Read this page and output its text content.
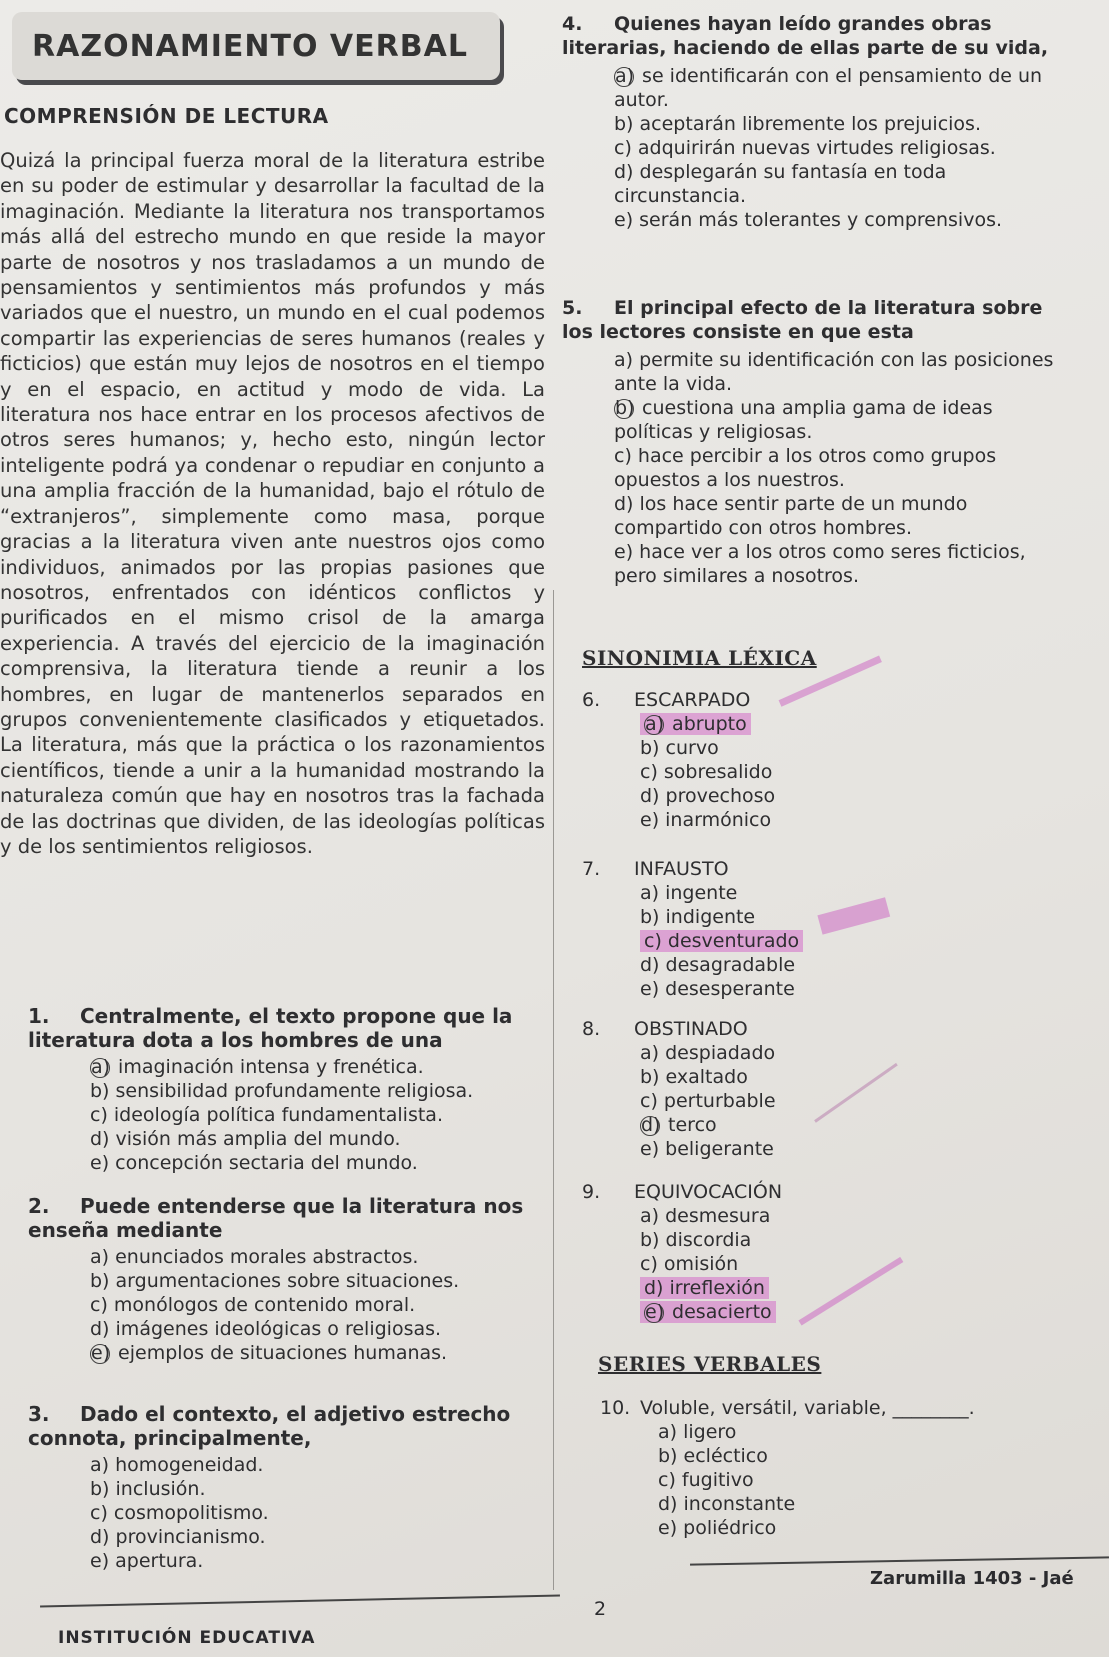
RAZONAMIENTO VERBAL
COMPRENSIÓN DE LECTURA

Quizá la principal fuerza moral de la literatura estribe en su poder de estimular y desarrollar la facultad de la imaginación. Mediante la literatura nos transportamos más allá del estrecho mundo en que reside la mayor parte de nosotros y nos trasladamos a un mundo de pensamientos y sentimientos más profundos y más variados que el nuestro, un mundo en el cual podemos compartir las experiencias de seres humanos (reales y ficticios) que están muy lejos de nosotros en el tiempo y en el espacio, en actitud y modo de vida. La literatura nos hace entrar en los procesos afectivos de otros seres humanos; y, hecho esto, ningún lector inteligente podrá ya condenar o repudiar en conjunto a una amplia fracción de la humanidad, bajo el rótulo de “extranjeros”, simplemente como masa, porque gracias a la literatura viven ante nuestros ojos como individuos, animados por las propias pasiones que nosotros, enfrentados con idénticos conflictos y purificados en el mismo crisol de la amarga experiencia. A través del ejercicio de la imaginación comprensiva, la literatura tiende a reunir a los hombres, en lugar de mantenerlos separados en grupos convenientemente clasificados y etiquetados. La literatura, más que la práctica o los razonamientos científicos, tiende a unir a la humanidad mostrando la naturaleza común que hay en nosotros tras la fachada de las doctrinas que dividen, de las ideologías políticas y de los sentimientos religiosos.

1. Centralmente, el texto propone que la literatura dota a los hombres de una
a) imaginación intensa y frenética.
b) sensibilidad profundamente religiosa.
c) ideología política fundamentalista.
d) visión más amplia del mundo.
e) concepción sectaria del mundo.
2. Puede entenderse que la literatura nos enseña mediante
a) enunciados morales abstractos.
b) argumentaciones sobre situaciones.
c) monólogos de contenido moral.
d) imágenes ideológicas o religiosas.
e) ejemplos de situaciones humanas.
3. Dado el contexto, el adjetivo estrecho connota, principalmente,
a) homogeneidad.
b) inclusión.
c) cosmopolitismo.
d) provincianismo.
e) apertura.
4. Quienes hayan leído grandes obras literarias, haciendo de ellas parte de su vida,
a) se identificarán con el pensamiento de un autor.
b) aceptarán libremente los prejuicios.
c) adquirirán nuevas virtudes religiosas.
d) desplegarán su fantasía en toda circunstancia.
e) serán más tolerantes y comprensivos.
5. El principal efecto de la literatura sobre los lectores consiste en que esta
a) permite su identificación con las posiciones ante la vida.
b) cuestiona una amplia gama de ideas políticas y religiosas.
c) hace percibir a los otros como grupos opuestos a los nuestros.
d) los hace sentir parte de un mundo compartido con otros hombres.
e) hace ver a los otros como seres ficticios, pero similares a nosotros.
SINONIMIA LÉXICA
6. ESCARPADO
a) abrupto
b) curvo
c) sobresalido
d) provechoso
e) inarmónico
7. INFAUSTO
a) ingente
b) indigente
c) desventurado
d) desagradable
e) desesperante
8. OBSTINADO
a) despiadado
b) exaltado
c) perturbable
d) terco
e) beligerante
9. EQUIVOCACIÓN
a) desmesura
b) discordia
c) omisión
d) irreflexión
e) desacierto
SERIES VERBALES
10. Voluble, versátil, variable, ________.
a) ligero
b) ecléctico
c) fugitivo
d) inconstante
e) poliédrico
2
Zarumilla 1403 - Jaé
INSTITUCIÓN EDUCATIVA
